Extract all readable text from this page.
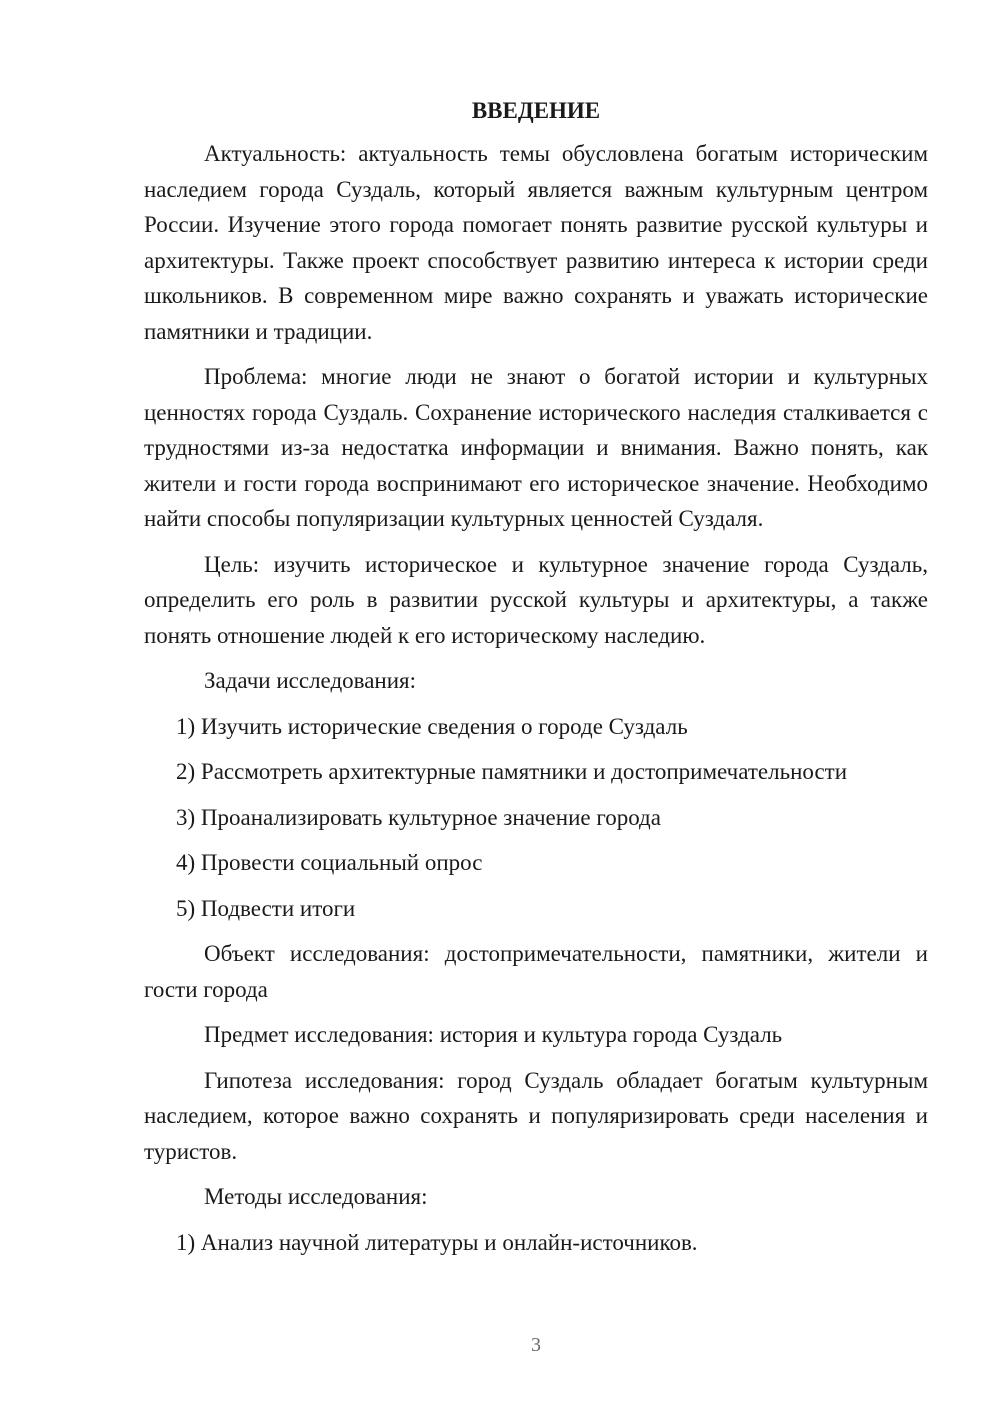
ВВЕДЕНИЕ

Актуальность: актуальность темы обусловлена богатым историческим наследием города Суздаль, который является важным культурным центром России. Изучение этого города помогает понять развитие русской культуры и архитектуры. Также проект способствует развитию интереса к истории среди школьников. В современном мире важно сохранять и уважать исторические памятники и традиции.

Проблема: многие люди не знают о богатой истории и культурных ценностях города Суздаль. Сохранение исторического наследия сталкивается с трудностями из-за недостатка информации и внимания. Важно понять, как жители и гости города воспринимают его историческое значение. Необходимо найти способы популяризации культурных ценностей Суздаля.

Цель: изучить историческое и культурное значение города Суздаль, определить его роль в развитии русской культуры и архитектуры, а также понять отношение людей к его историческому наследию.

Задачи исследования:

1) Изучить исторические сведения о городе Суздаль

2) Рассмотреть архитектурные памятники и достопримечательности

3) Проанализировать культурное значение города

4) Провести социальный опрос

5) Подвести итоги

Объект исследования: достопримечательности, памятники, жители и гости города

Предмет исследования: история и культура города Суздаль

Гипотеза исследования: город Суздаль обладает богатым культурным наследием, которое важно сохранять и популяризировать среди населения и туристов.

Методы исследования:

1) Анализ научной литературы и онлайн-источников.

3
